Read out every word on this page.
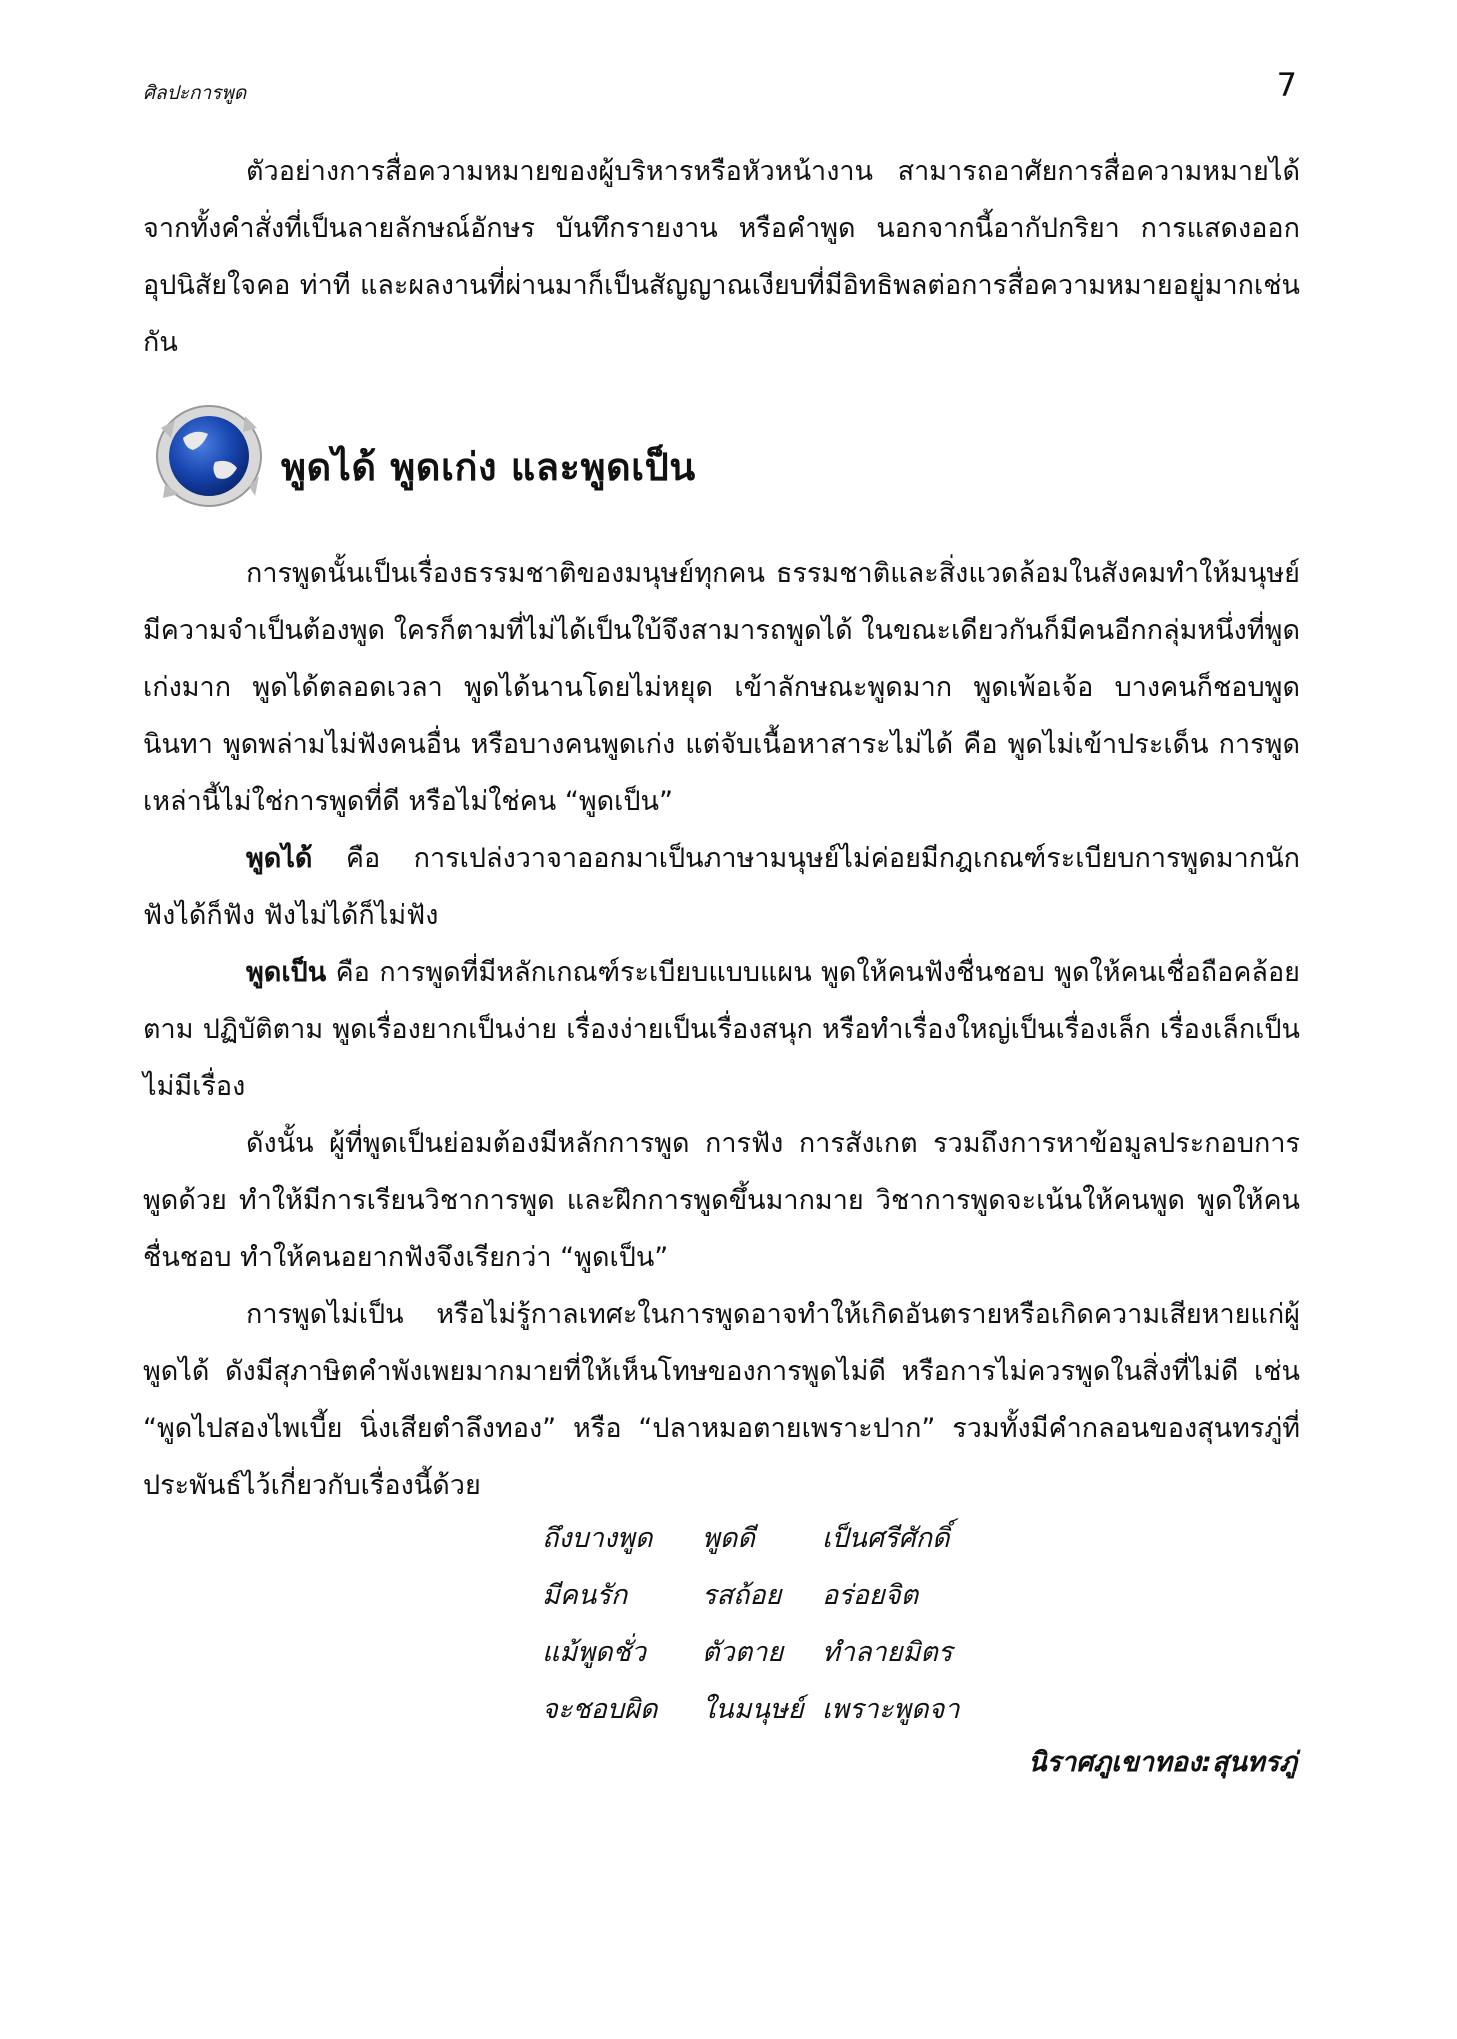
ศิลปะการพูด	7

ตัวอย่างการสื่อความหมายของผู้บริหารหรือหัวหน้างาน สามารถอาศัยการสื่อความหมายได้จากทั้งคำสั่งที่เป็นลายลักษณ์อักษร บันทึกรายงาน หรือคำพูด นอกจากนี้อากัปกริยา การแสดงออก อุปนิสัยใจคอ ท่าที และผลงานที่ผ่านมาก็เป็นสัญญาณเงียบที่มีอิทธิพลต่อการสื่อความหมายอยู่มากเช่นกัน

พูดได้ พูดเก่ง และพูดเป็น

การพูดนั้นเป็นเรื่องธรรมชาติของมนุษย์ทุกคน ธรรมชาติและสิ่งแวดล้อมในสังคมทำให้มนุษย์มีความจำเป็นต้องพูด ใครก็ตามที่ไม่ได้เป็นใบ้จึงสามารถพูดได้ ในขณะเดียวกันก็มีคนอีกกลุ่มหนึ่งที่พูดเก่งมาก พูดได้ตลอดเวลา พูดได้นานโดยไม่หยุด เข้าลักษณะพูดมาก พูดเพ้อเจ้อ บางคนก็ชอบพูดนินทา พูดพล่ามไม่ฟังคนอื่น หรือบางคนพูดเก่ง แต่จับเนื้อหาสาระไม่ได้ คือ พูดไม่เข้าประเด็น การพูดเหล่านี้ไม่ใช่การพูดที่ดี หรือไม่ใช่คน “พูดเป็น”

พูดได้ คือ การเปล่งวาจาออกมาเป็นภาษามนุษย์ไม่ค่อยมีกฎเกณฑ์ระเบียบการพูดมากนัก ฟังได้ก็ฟัง ฟังไม่ได้ก็ไม่ฟัง

พูดเป็น คือ การพูดที่มีหลักเกณฑ์ระเบียบแบบแผน พูดให้คนฟังชื่นชอบ พูดให้คนเชื่อถือคล้อยตาม ปฏิบัติตาม พูดเรื่องยากเป็นง่าย เรื่องง่ายเป็นเรื่องสนุก หรือทำเรื่องใหญ่เป็นเรื่องเล็ก เรื่องเล็กเป็นไม่มีเรื่อง

ดังนั้น ผู้ที่พูดเป็นย่อมต้องมีหลักการพูด การฟัง การสังเกต รวมถึงการหาข้อมูลประกอบการพูดด้วย ทำให้มีการเรียนวิชาการพูด และฝึกการพูดขึ้นมากมาย วิชาการพูดจะเน้นให้คนพูด พูดให้คนชื่นชอบ ทำให้คนอยากฟังจึงเรียกว่า “พูดเป็น”

การพูดไม่เป็น หรือไม่รู้กาลเทศะในการพูดอาจทำให้เกิดอันตรายหรือเกิดความเสียหายแก่ผู้พูดได้ ดังมีสุภาษิตคำพังเพยมากมายที่ให้เห็นโทษของการพูดไม่ดี หรือการไม่ควรพูดในสิ่งที่ไม่ดี เช่น “พูดไปสองไพเบี้ย นิ่งเสียตำลึงทอง” หรือ “ปลาหมอตายเพราะปาก” รวมทั้งมีคำกลอนของสุนทรภู่ที่ประพันธ์ไว้เกี่ยวกับเรื่องนี้ด้วย

ถึงบางพูด พูดดี เป็นศรีศักดิ์
มีคนรัก	รสถ้อย อร่อยจิต
แม้พูดชั่ว ตัวตาย ทำลายมิตร
จะชอบผิด ในมนุษย์ เพราะพูดจา
นิราศภูเขาทอง:สุนทรภู่
